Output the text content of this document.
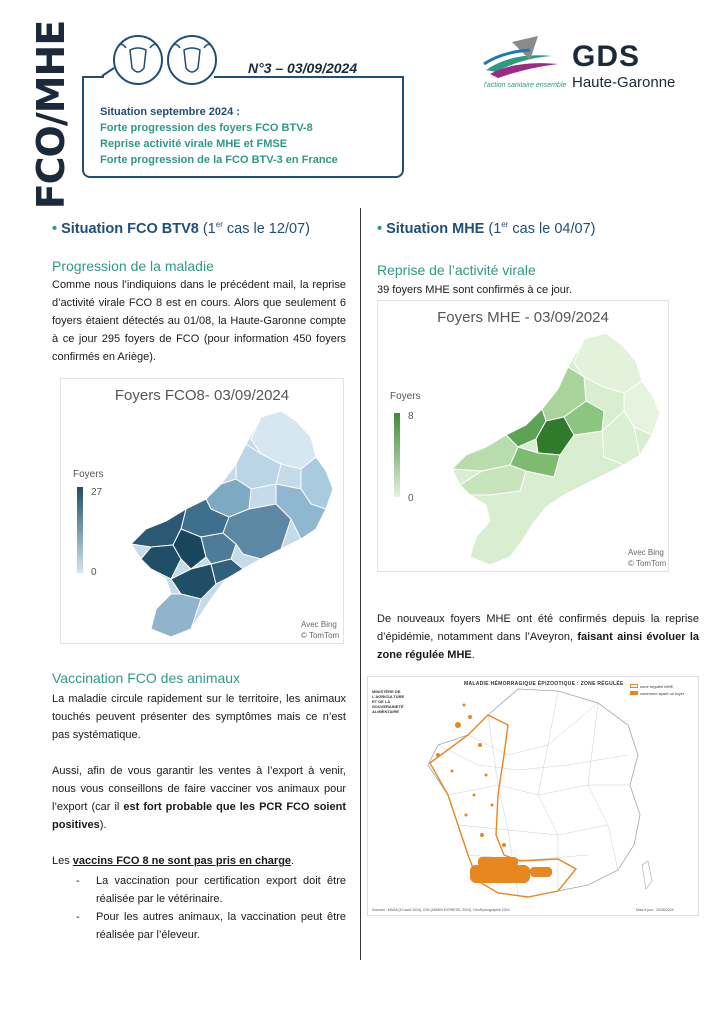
FCO/MHE	N°3 – 03/09/2024
Situation septembre 2024 :
Forte progression des foyers FCO BTV-8
Reprise activité virale MHE et FMSE
Forte progression de la FCO BTV-3 en France
GDS
Haute-Garonne
l'action sanitaire ensemble
• Situation FCO BTV8 (1er cas le 12/07)
Progression de la maladie
Comme nous l’indiquions dans le précédent mail, la reprise d’activité virale FCO 8 est en cours. Alors que seulement 6 foyers étaient détectés au 01/08, la Haute-Garonne compte à ce jour 295 foyers de FCO (pour information 450 foyers confirmés en Ariège).
Foyers FCO8- 03/09/2024
Foyers
27
0
Avec Bing
© TomTom
Vaccination FCO des animaux
La maladie circule rapidement sur le territoire, les animaux touchés peuvent présenter des symptômes mais ce n’est pas systématique.
Aussi, afin de vous garantir les ventes à l’export à venir, nous vous conseillons de faire vacciner vos animaux pour l’export (car il est fort probable que les PCR FCO soient positives).
Les vaccins FCO 8 ne sont pas pris en charge.
- La vaccination pour certification export doit être réalisée par le vétérinaire.
- Pour les autres animaux, la vaccination peut être réalisée par l’éleveur.
• Situation MHE (1er cas le 04/07)
Reprise de l’activité virale
39 foyers MHE sont confirmés à ce jour.
Foyers MHE - 03/09/2024
Foyers
8
0
Avec Bing
© TomTom
De nouveaux foyers MHE ont été confirmés depuis la reprise d’épidémie, notamment dans l’Aveyron, faisant ainsi évoluer la zone régulée MHE.
MALADIE HÉMORRAGIQUE ÉPIZOOTIQUE : ZONE RÉGULÉE
MINISTÈRE DE L'AGRICULTURE ET DE LA SOUVERAINETÉ ALIMENTAIRE
zone régulée MHE
commune ayant un foyer
Sources : MASA (10 août 2024), IGN (ADMIN EXPRESS, 2024), GéoHydrographie 2024	Mise à jour : 30/08/2024
